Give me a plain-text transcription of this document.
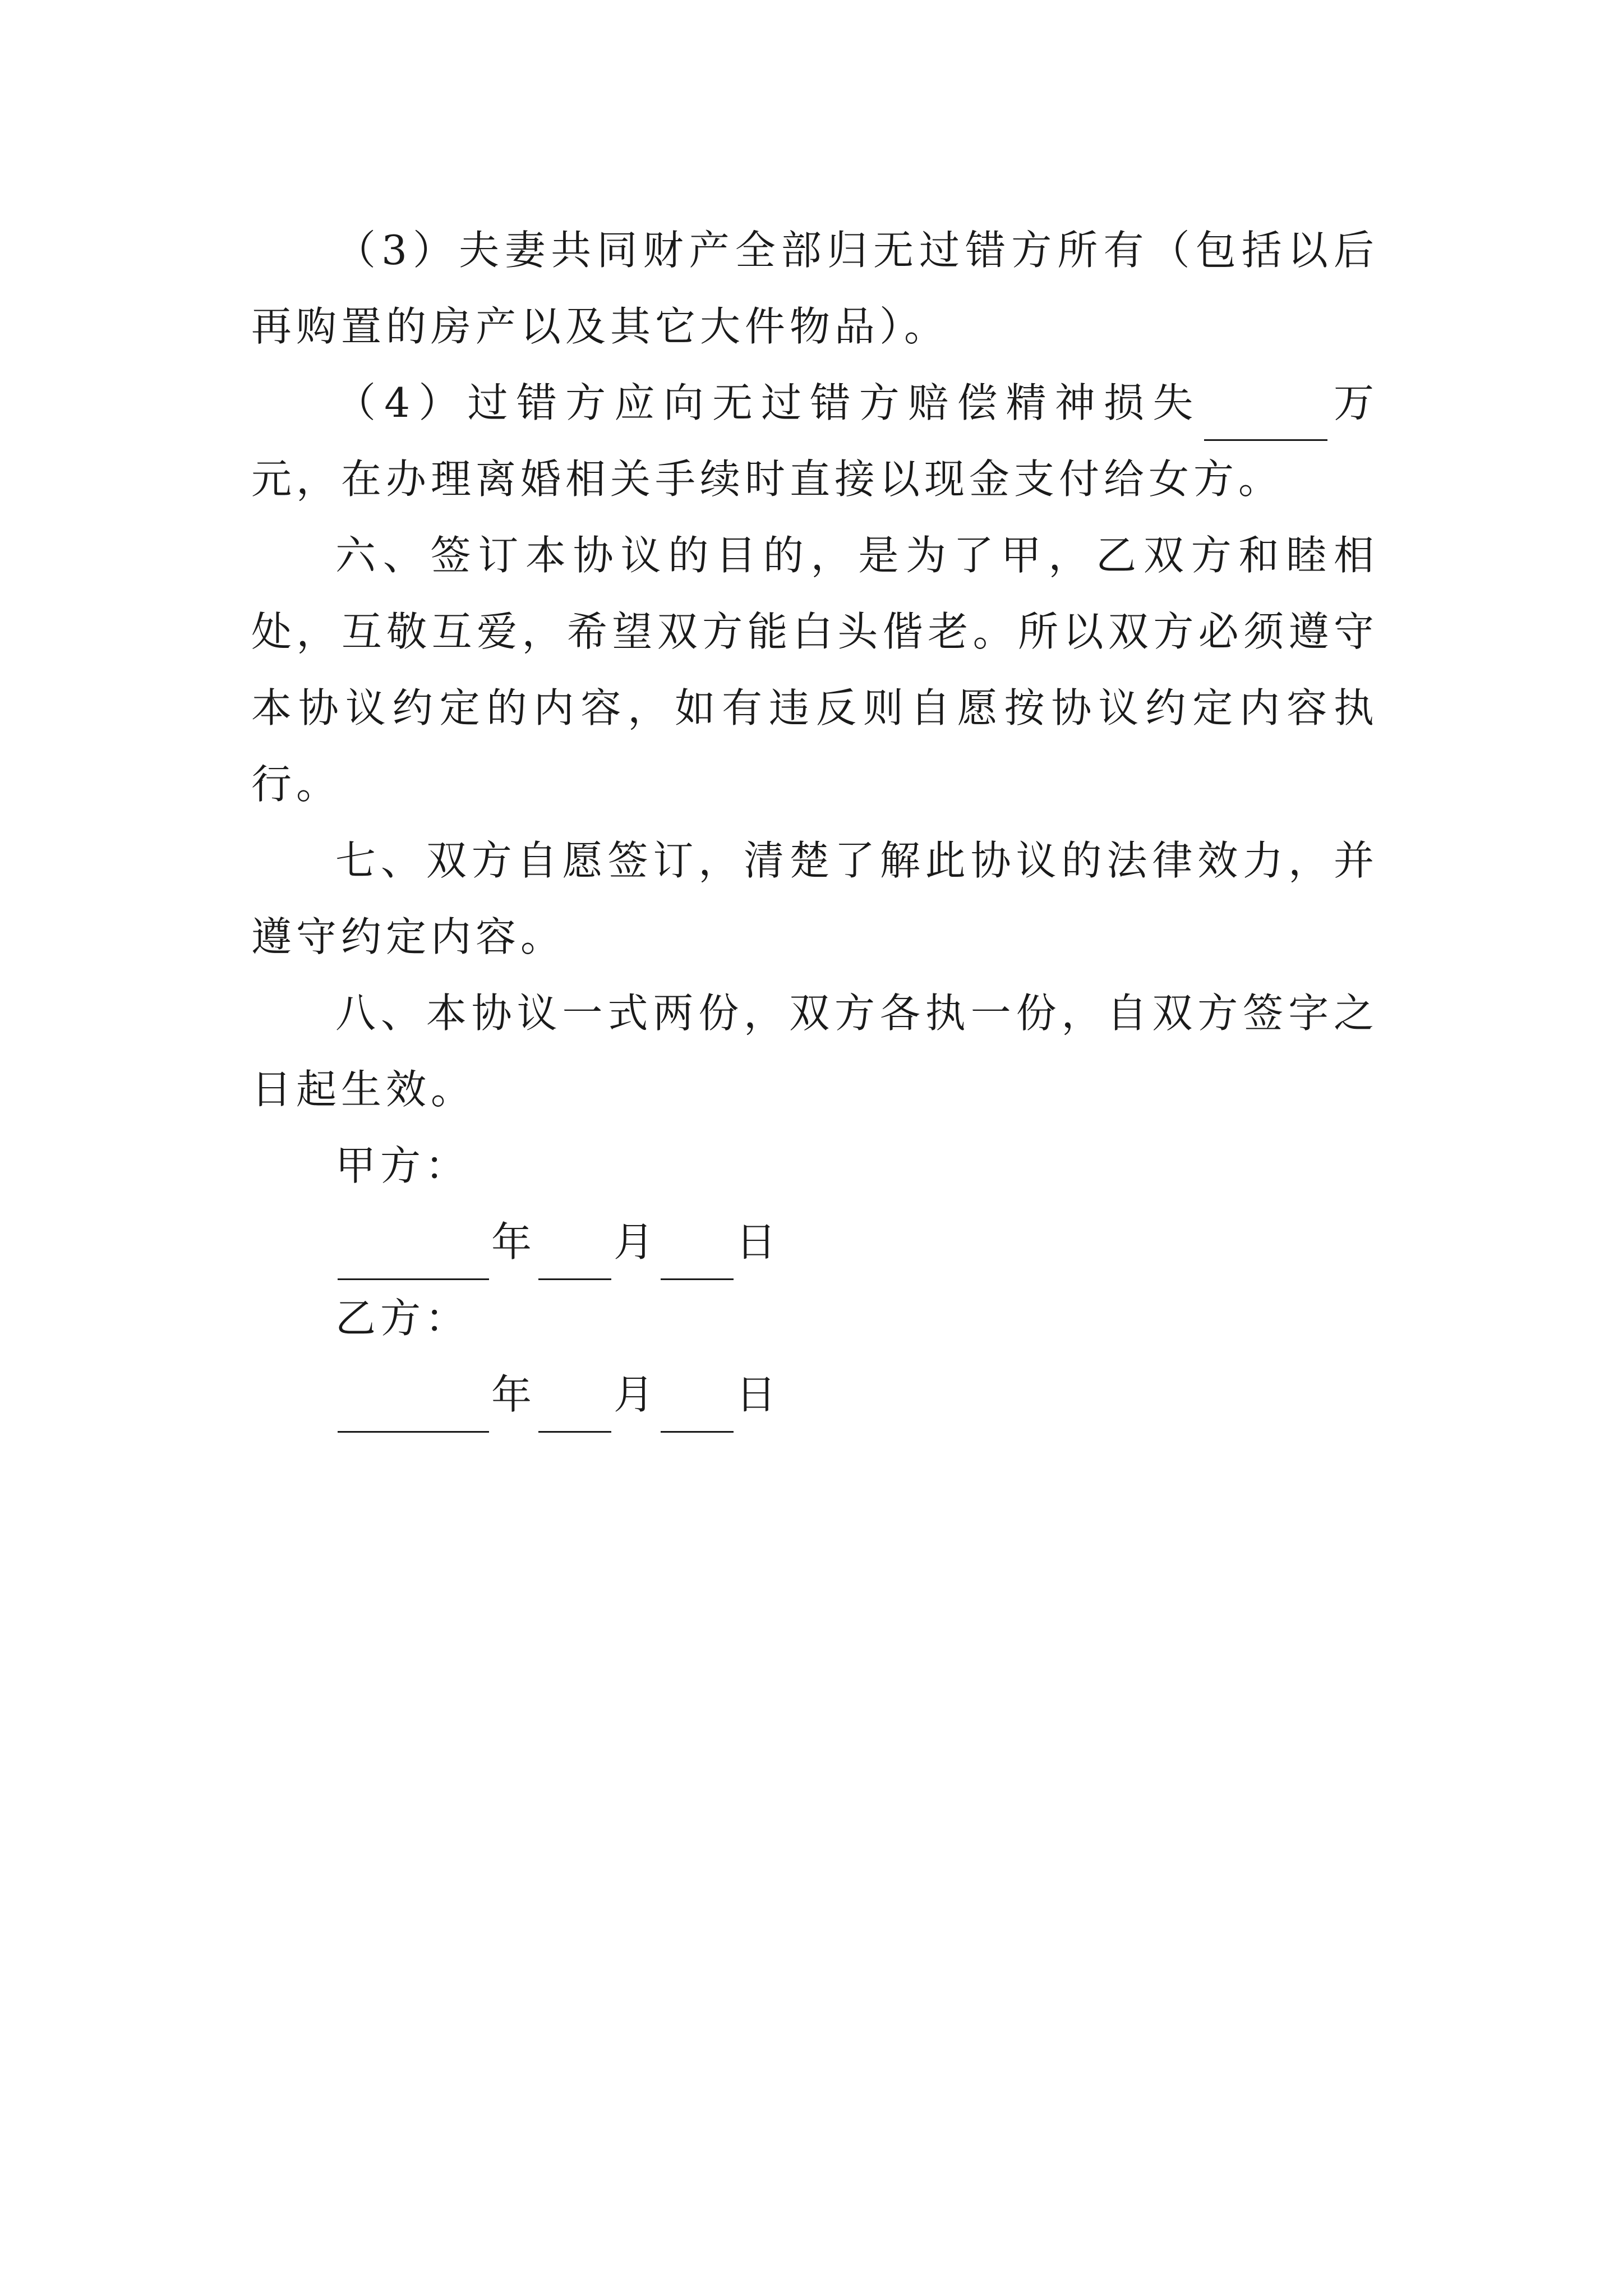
（3）夫妻共同财产全部归无过错方所有（包括以后再购置的房产以及其它大件物品）。

（4）过错方应向无过错方赔偿精神损失	万元，在办理离婚相关手续时直接以现金支付给女方。

六、签订本协议的目的，是为了甲，乙双方和睦相处，互敬互爱，希望双方能白头偕老。所以双方必须遵守本协议约定的内容，如有违反则自愿按协议约定内容执行。

七、双方自愿签订，清楚了解此协议的法律效力，并遵守约定内容。

八、本协议一式两份，双方各执一份，自双方签字之日起生效。

甲方：

年 月 日

乙方：

年 月 日
